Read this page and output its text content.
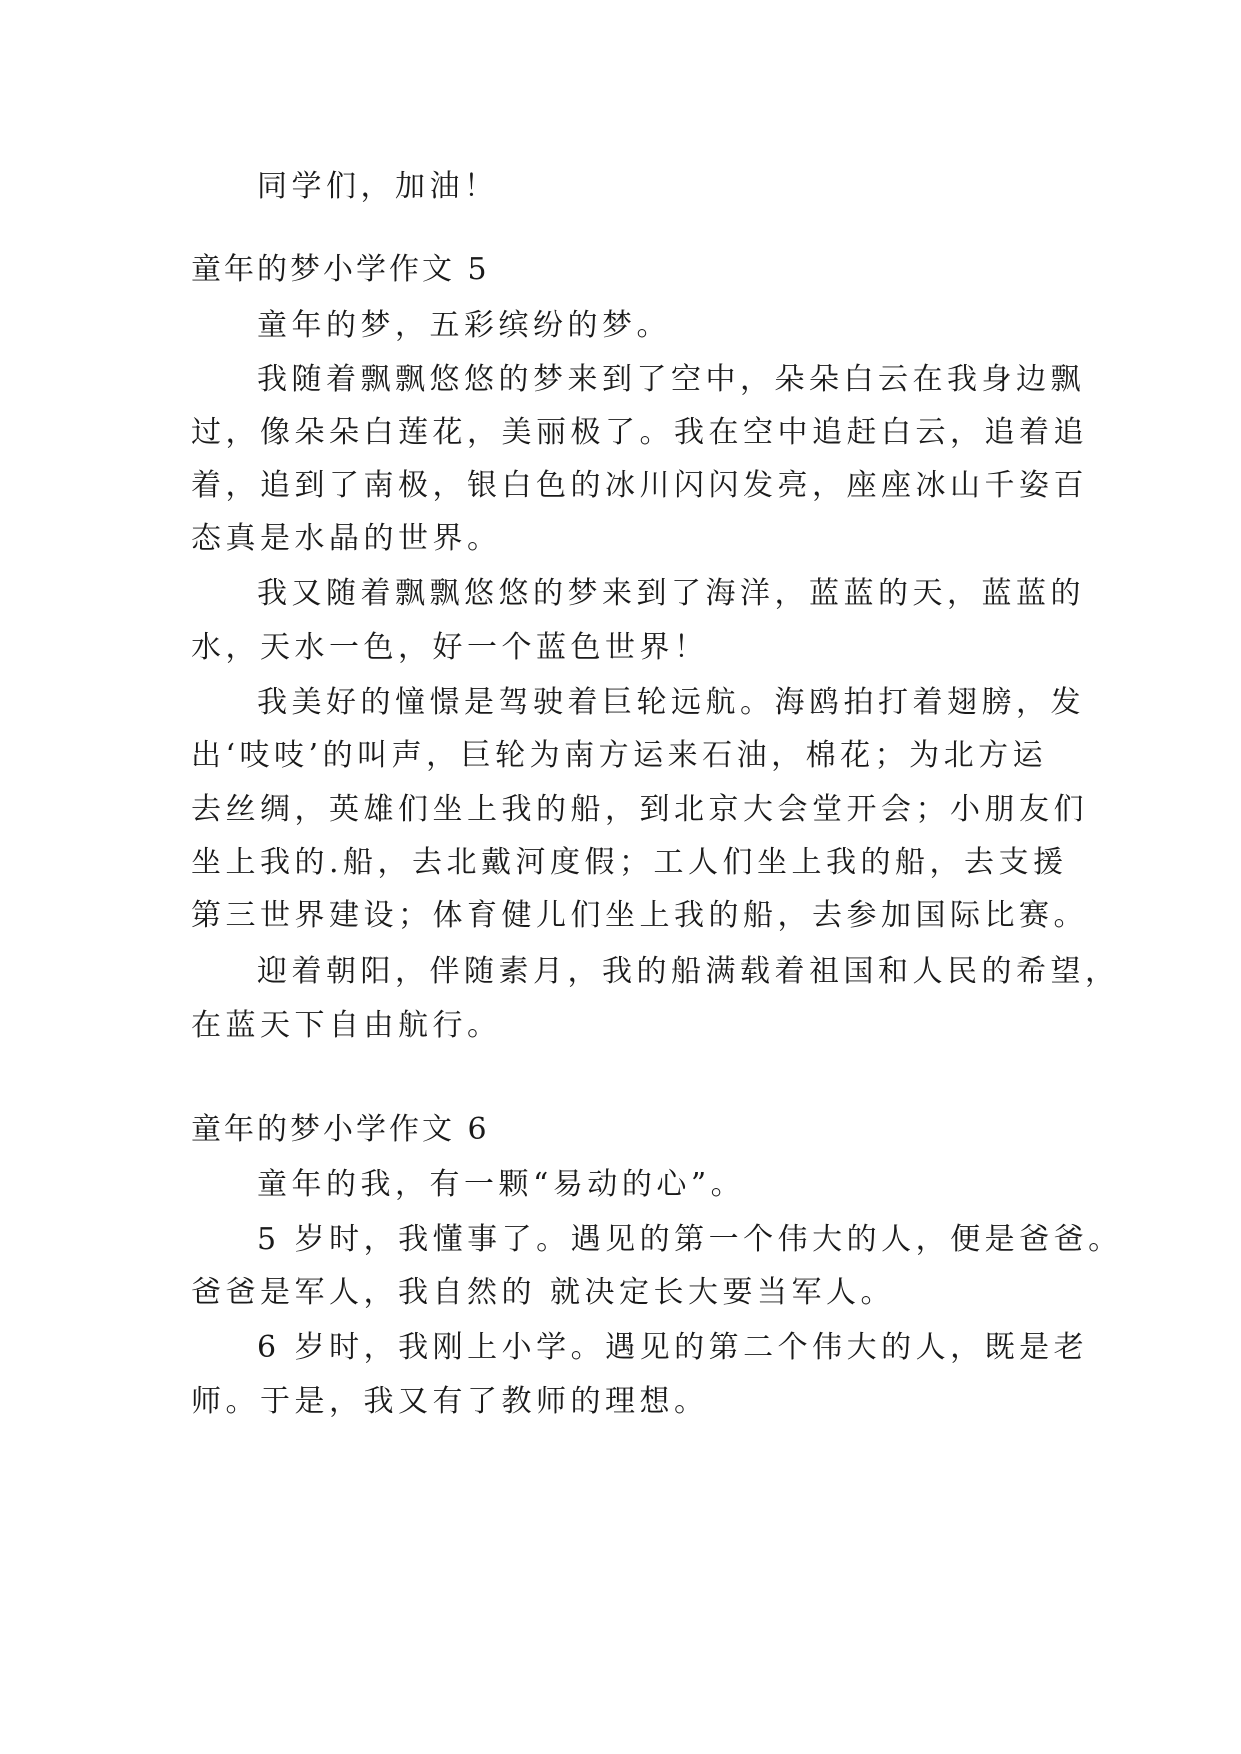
同学们，加油！
童年的梦小学作文 5
童年的梦，五彩缤纷的梦。
我随着飘飘悠悠的梦来到了空中，朵朵白云在我身边飘
过，像朵朵白莲花，美丽极了。我在空中追赶白云，追着追
着，追到了南极，银白色的冰川闪闪发亮，座座冰山千姿百
态真是水晶的世界。
我又随着飘飘悠悠的梦来到了海洋，蓝蓝的天，蓝蓝的
水，天水一色，好一个蓝色世界！
我美好的憧憬是驾驶着巨轮远航。海鸥拍打着翅膀，发
出‘吱吱’的叫声，巨轮为南方运来石油，棉花；为北方运
去丝绸，英雄们坐上我的船，到北京大会堂开会；小朋友们
坐上我的.船，去北戴河度假；工人们坐上我的船，去支援
第三世界建设；体育健儿们坐上我的船，去参加国际比赛。
迎着朝阳，伴随素月，我的船满载着祖国和人民的希望，
在蓝天下自由航行。
童年的梦小学作文 6
童年的我，有一颗“易动的心”。
5 岁时，我懂事了。遇见的第一个伟大的人，便是爸爸。
爸爸是军人，我自然的 就决定长大要当军人。
6 岁时，我刚上小学。遇见的第二个伟大的人，既是老
师。于是，我又有了教师的理想。
